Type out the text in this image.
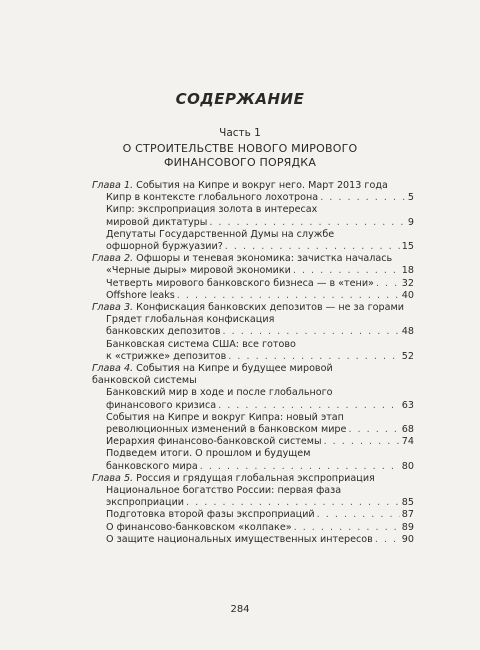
СОДЕРЖАНИЕ
Часть 1
О СТРОИТЕЛЬСТВЕ НОВОГО МИРОВОГО
ФИНАНСОВОГО ПОРЯДКА
Глава 1. События на Кипре и вокруг него. Март 2013 года
Кипр в контексте глобального лохотрона . . .	5
Кипр: экспроприация золота в интересах
мировой диктатуры . . .	9
Депутаты Государственной Думы на службе
офшорной буржуазии? . . .	15
Глава 2. Офшоры и теневая экономика: зачистка началась
«Черные дыры» мировой экономики . . .	18
Четверть мирового банковского бизнеса — в «тени» . . .	32
Offshore leaks . . .	40
Глава 3. Конфискация банковских депозитов — не за горами
Грядет глобальная конфискация
банковских депозитов . . .	48
Банковская система США: все готово
к «стрижке» депозитов . . .	52
Глава 4. События на Кипре и будущее мировой
банковской системы
Банковский мир в ходе и после глобального
финансового кризиса . . .	63
События на Кипре и вокруг Кипра: новый этап
революционных изменений в банковском мире . . .	68
Иерархия финансово-банковской системы . . .	74
Подведем итоги. О прошлом и будущем
банковского мира . . .	80
Глава 5. Россия и грядущая глобальная экспроприация
Национальное богатство России: первая фаза
экспроприации . . .	85
Подготовка второй фазы экспроприаций . . .	87
О финансово-банковском «колпаке» . . .	89
О защите национальных имущественных интересов . . .	90
284
